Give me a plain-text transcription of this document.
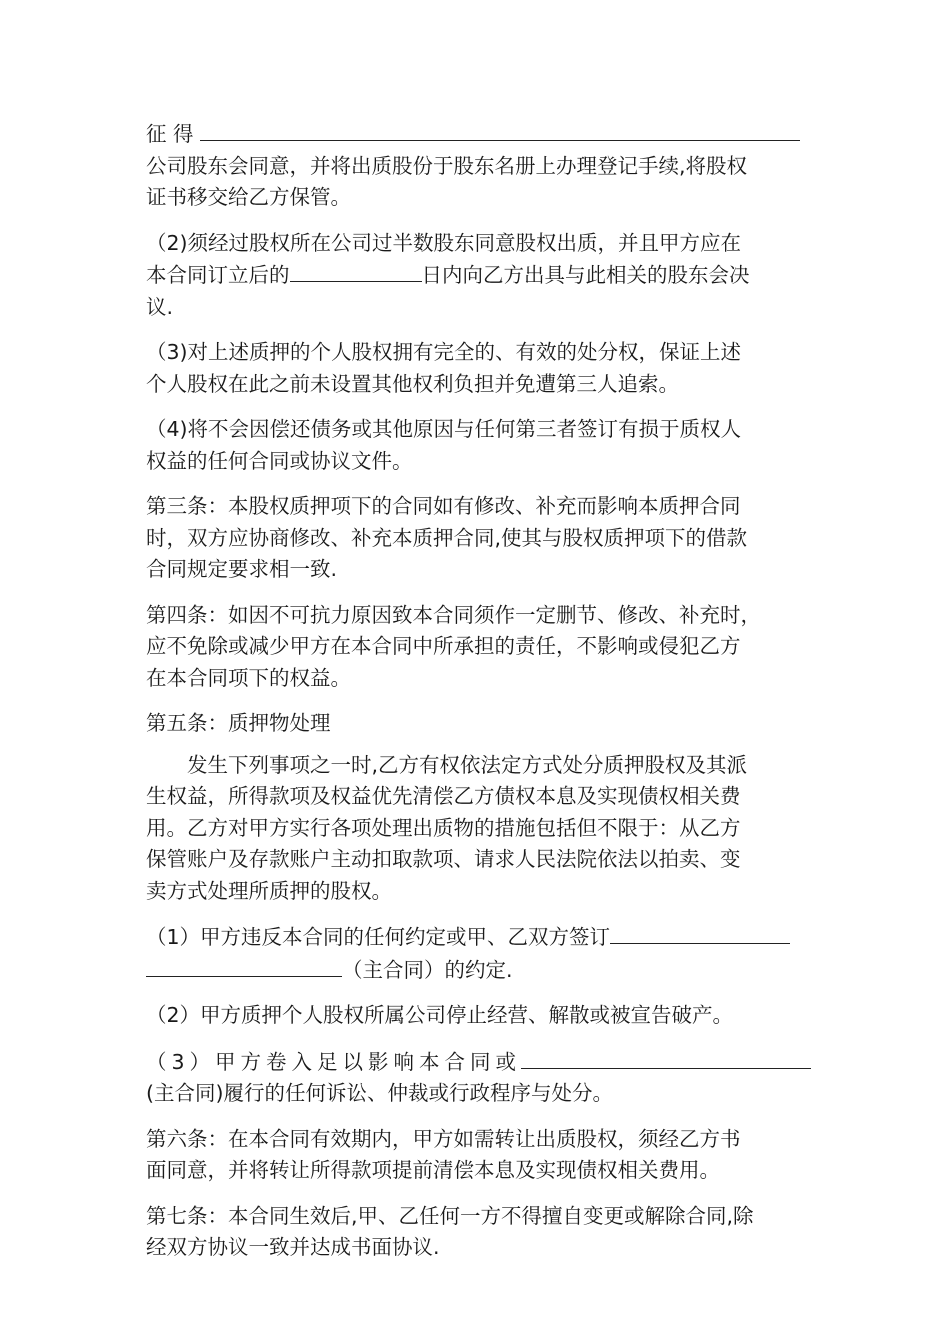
征 得
公司股东会同意，并将出质股份于股东名册上办理登记手续,将股权
证书移交给乙方保管。
（2)须经过股权所在公司过半数股东同意股权出质，并且甲方应在
本合同订立后的	日内向乙方出具与此相关的股东会决
议.
（3)对上述质押的个人股权拥有完全的、有效的处分权，保证上述
个人股权在此之前未设置其他权利负担并免遭第三人追索。
（4)将不会因偿还债务或其他原因与任何第三者签订有损于质权人
权益的任何合同或协议文件。
第三条：本股权质押项下的合同如有修改、补充而影响本质押合同
时，双方应协商修改、补充本质押合同,使其与股权质押项下的借款
合同规定要求相一致.
第四条：如因不可抗力原因致本合同须作一定删节、修改、补充时，
应不免除或减少甲方在本合同中所承担的责任，不影响或侵犯乙方
在本合同项下的权益。
第五条：质押物处理
发生下列事项之一时,乙方有权依法定方式处分质押股权及其派
生权益，所得款项及权益优先清偿乙方债权本息及实现债权相关费
用。乙方对甲方实行各项处理出质物的措施包括但不限于：从乙方
保管账户及存款账户主动扣取款项、请求人民法院依法以拍卖、变
卖方式处理所质押的股权。
（1）甲方违反本合同的任何约定或甲、乙双方签订
（主合同）的约定.
（2）甲方质押个人股权所属公司停止经营、解散或被宣告破产。
（3）甲方卷入足以影响本合同或
(主合同)履行的任何诉讼、仲裁或行政程序与处分。
第六条：在本合同有效期内，甲方如需转让出质股权，须经乙方书
面同意，并将转让所得款项提前清偿本息及实现债权相关费用。
第七条：本合同生效后,甲、乙任何一方不得擅自变更或解除合同,除
经双方协议一致并达成书面协议.
